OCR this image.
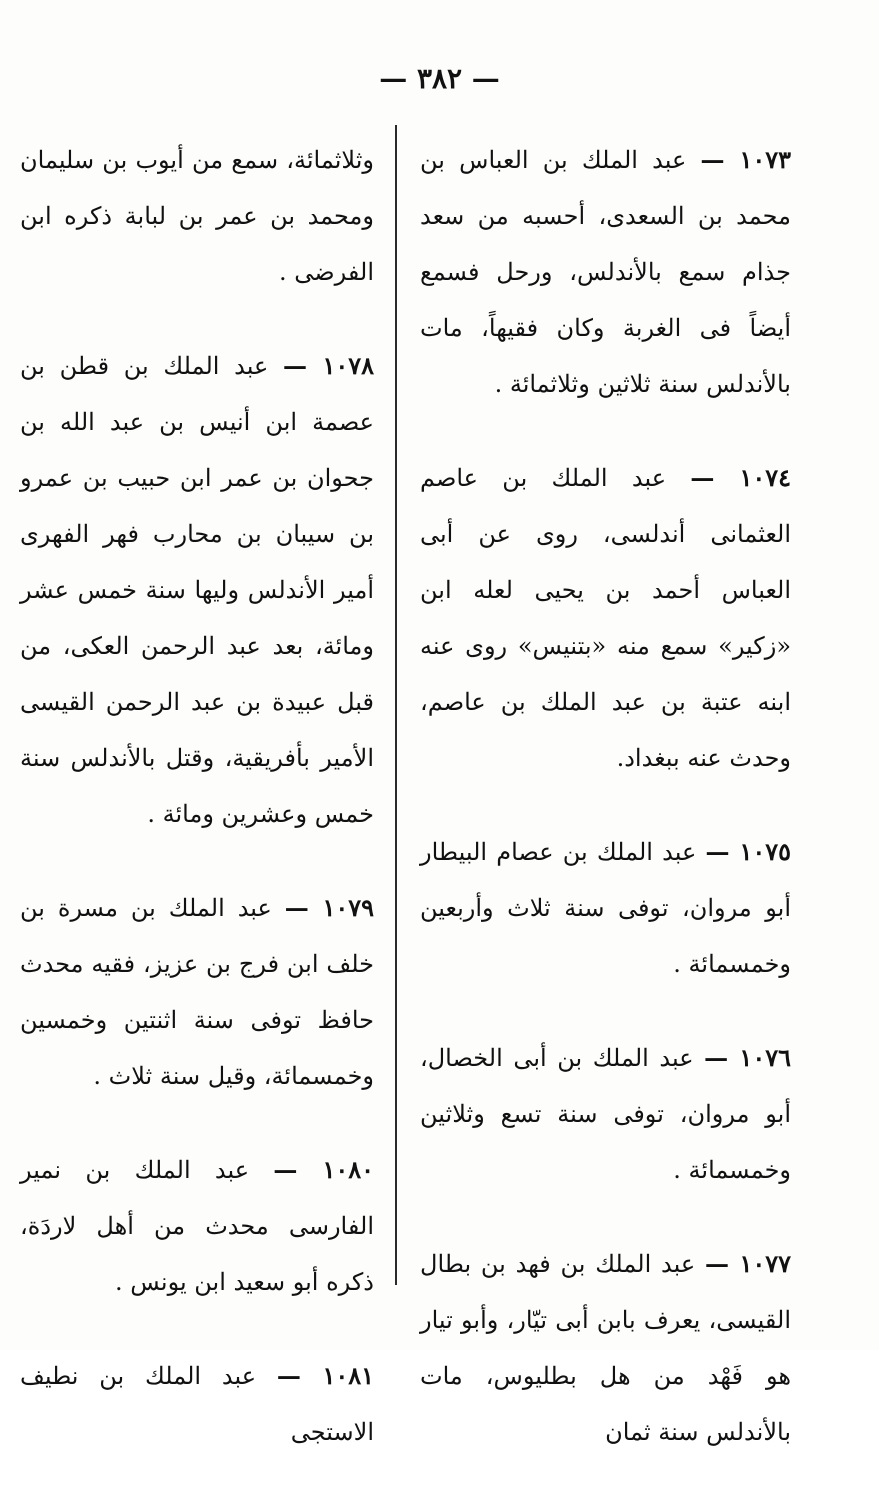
— ٣٨٢ —

١٠٧٣ — عبد الملك بن العباس بن محمد بن السعدى، أحسبه من سعد جذام سمع بالأندلس، ورحل فسمع أيضاً فى الغربة وكان فقيهاً، مات بالأندلس سنة ثلاثين وثلاثمائة .

١٠٧٤ — عبد الملك بن عاصم العثمانى أندلسى، روى عن أبى العباس أحمد بن يحيى لعله ابن «زكير» سمع منه «بتنيس» روى عنه ابنه عتبة بن عبد الملك بن عاصم، وحدث عنه ببغداد.

١٠٧٥ — عبد الملك بن عصام البيطار أبو مروان، توفى سنة ثلاث وأربعين وخمسمائة .

١٠٧٦ — عبد الملك بن أبى الخصال، أبو مروان، توفى سنة تسع وثلاثين وخمسمائة .

١٠٧٧ — عبد الملك بن فهد بن بطال القيسى، يعرف بابن أبى تيّار، وأبو تيار هو فَهْد من هل بطليوس، مات بالأندلس سنة ثمان

وثلاثمائة، سمع من أيوب بن سليمان ومحمد بن عمر بن لبابة ذكره ابن الفرضى .

١٠٧٨ — عبد الملك بن قطن بن عصمة ابن أنيس بن عبد الله بن جحوان بن عمر ابن حبيب بن عمرو بن سيبان بن محارب فهر الفهرى أمير الأندلس وليها سنة خمس عشر ومائة، بعد عبد الرحمن العكى، من قبل عبيدة بن عبد الرحمن القيسى الأمير بأفريقية، وقتل بالأندلس سنة خمس وعشرين ومائة .

١٠٧٩ — عبد الملك بن مسرة بن خلف ابن فرج بن عزيز، فقيه محدث حافظ توفى سنة اثنتين وخمسين وخمسمائة، وقيل سنة ثلاث .

١٠٨٠ — عبد الملك بن نمير الفارسى محدث من أهل لاردَة، ذكره أبو سعيد ابن يونس .

١٠٨١ — عبد الملك بن نطيف الاستجى
